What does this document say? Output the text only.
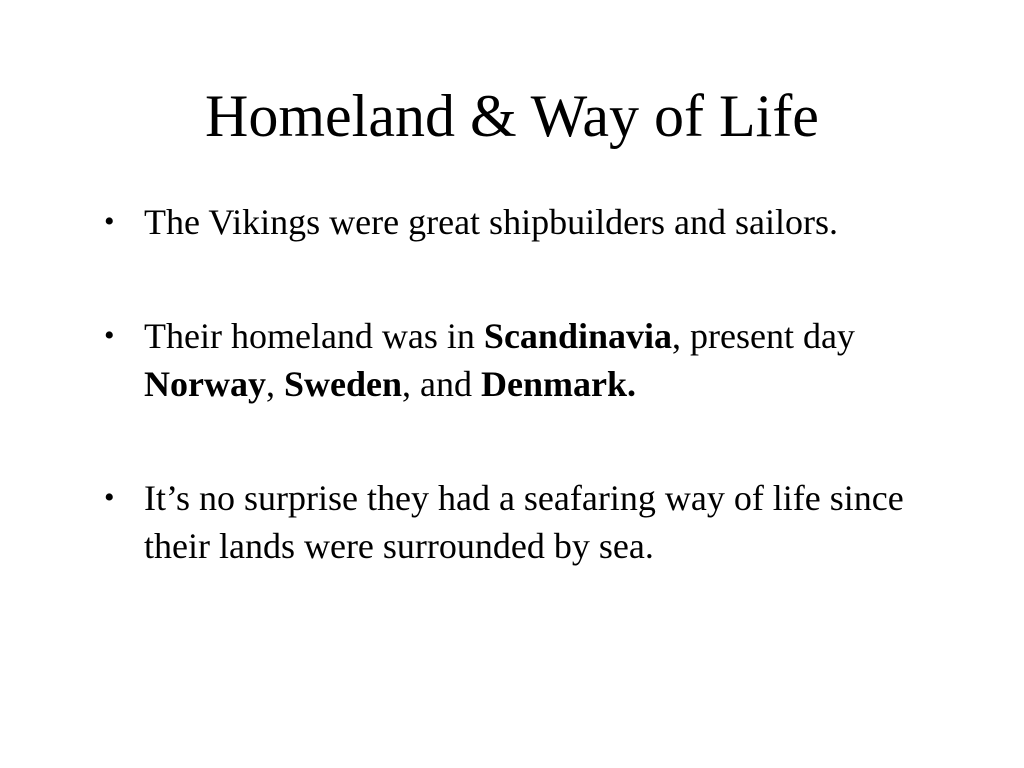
Homeland & Way of Life
• The Vikings were great shipbuilders and sailors.
• Their homeland was in Scandinavia, present day Norway, Sweden, and Denmark.
• It’s no surprise they had a seafaring way of life since their lands were surrounded by sea.
